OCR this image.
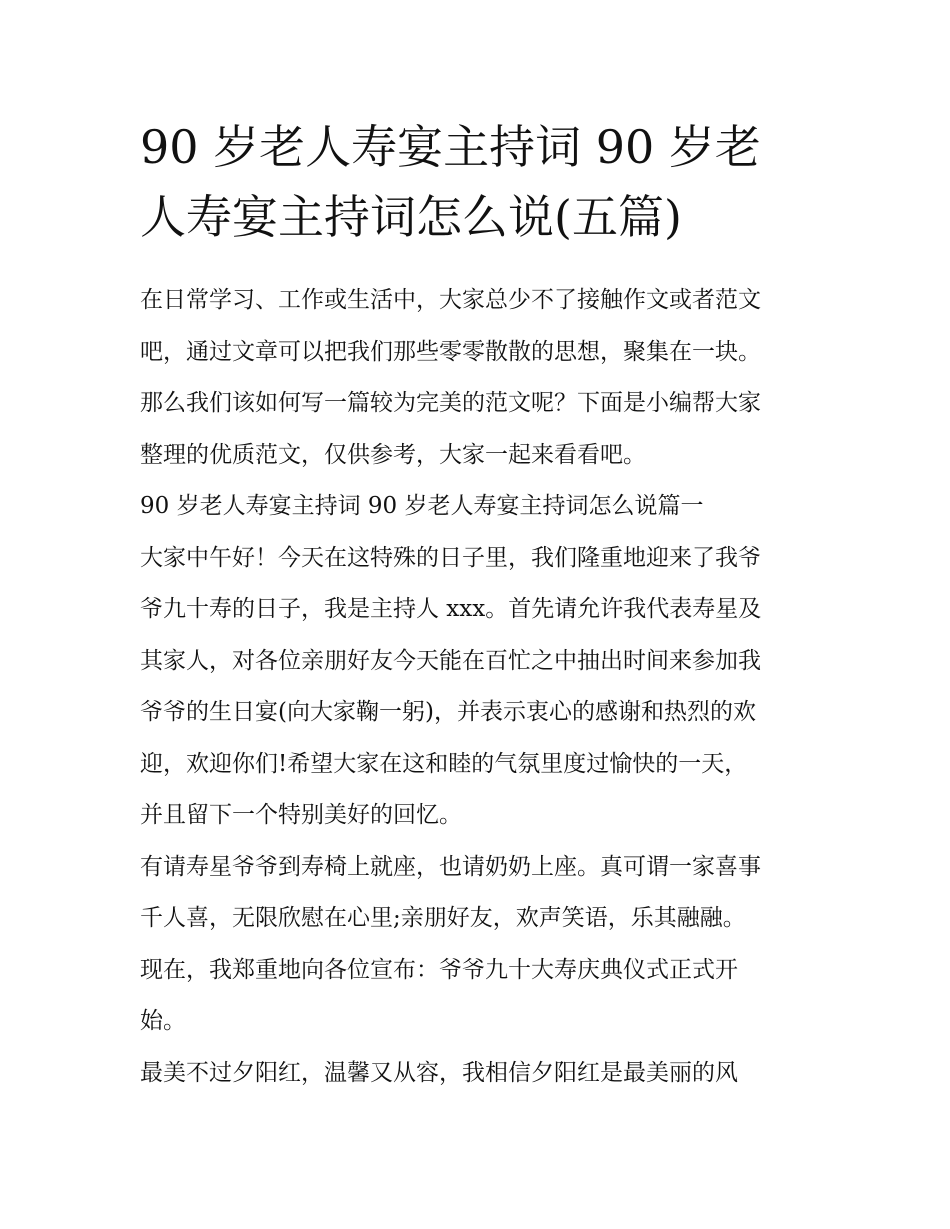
90 岁老人寿宴主持词 90 岁老
人寿宴主持词怎么说(五篇)
在日常学习、工作或生活中，大家总少不了接触作文或者范文
吧，通过文章可以把我们那些零零散散的思想，聚集在一块。
那么我们该如何写一篇较为完美的范文呢？下面是小编帮大家
整理的优质范文，仅供参考，大家一起来看看吧。
90 岁老人寿宴主持词 90 岁老人寿宴主持词怎么说篇一
大家中午好！今天在这特殊的日子里，我们隆重地迎来了我爷
爷九十寿的日子，我是主持人 xxx。首先请允许我代表寿星及
其家人，对各位亲朋好友今天能在百忙之中抽出时间来参加我
爷爷的生日宴(向大家鞠一躬)，并表示衷心的感谢和热烈的欢
迎，欢迎你们!希望大家在这和睦的气氛里度过愉快的一天，
并且留下一个特别美好的回忆。
有请寿星爷爷到寿椅上就座，也请奶奶上座。真可谓一家喜事
千人喜，无限欣慰在心里;亲朋好友，欢声笑语，乐其融融。
现在，我郑重地向各位宣布：爷爷九十大寿庆典仪式正式开
始。
最美不过夕阳红，温馨又从容，我相信夕阳红是最美丽的风
